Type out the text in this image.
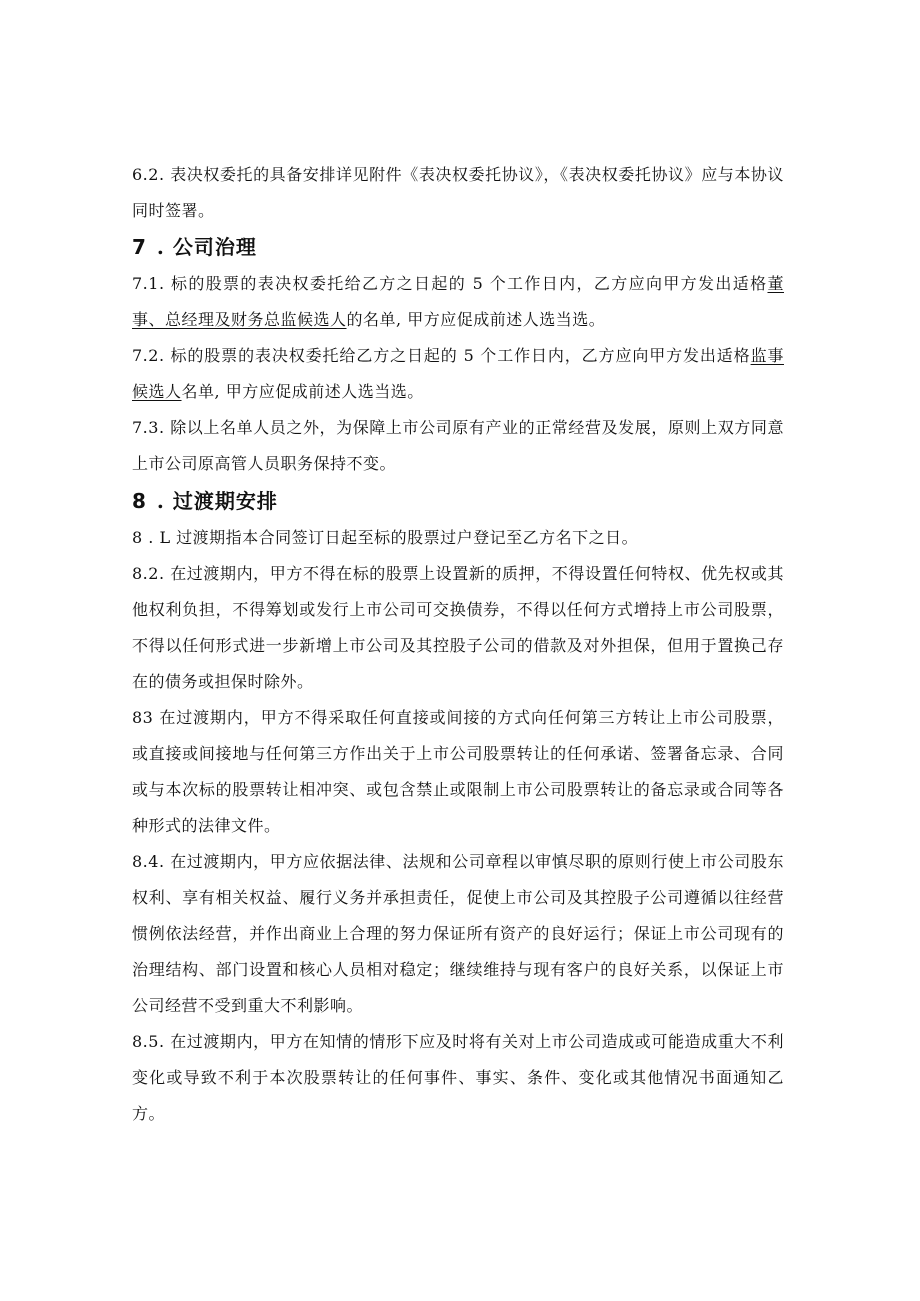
6.2. 表决权委托的具备安排详见附件《表决权委托协议》，《表决权委托协议》应与本协议同时签署。

7 . 公司治理

7.1. 标的股票的表决权委托给乙方之日起的 5 个工作日内，乙方应向甲方发出适格董事、总经理及财务总监候选人的名单, 甲方应促成前述人选当选。

7.2. 标的股票的表决权委托给乙方之日起的 5 个工作日内，乙方应向甲方发出适格监事候选人名单, 甲方应促成前述人选当选。

7.3. 除以上名单人员之外，为保障上市公司原有产业的正常经营及发展，原则上双方同意上市公司原高管人员职务保持不变。

8 . 过渡期安排

8 . L 过渡期指本合同签订日起至标的股票过户登记至乙方名下之日。

8.2. 在过渡期内，甲方不得在标的股票上设置新的质押，不得设置任何特权、优先权或其他权利负担，不得筹划或发行上市公司可交换债券，不得以任何方式增持上市公司股票，不得以任何形式进一步新增上市公司及其控股子公司的借款及对外担保，但用于置换己存在的债务或担保时除外。

83 在过渡期内，甲方不得采取任何直接或间接的方式向任何第三方转让上市公司股票，或直接或间接地与任何第三方作出关于上市公司股票转让的任何承诺、签署备忘录、合同或与本次标的股票转让相冲突、或包含禁止或限制上市公司股票转让的备忘录或合同等各种形式的法律文件。

8.4. 在过渡期内，甲方应依据法律、法规和公司章程以审慎尽职的原则行使上市公司股东权利、享有相关权益、履行义务并承担责任，促使上市公司及其控股子公司遵循以往经营惯例依法经营，并作出商业上合理的努力保证所有资产的良好运行；保证上市公司现有的治理结构、部门设置和核心人员相对稳定；继续维持与现有客户的良好关系，以保证上市公司经营不受到重大不利影响。

8.5. 在过渡期内，甲方在知情的情形下应及时将有关对上市公司造成或可能造成重大不利变化或导致不利于本次股票转让的任何事件、事实、条件、变化或其他情况书面通知乙方。
